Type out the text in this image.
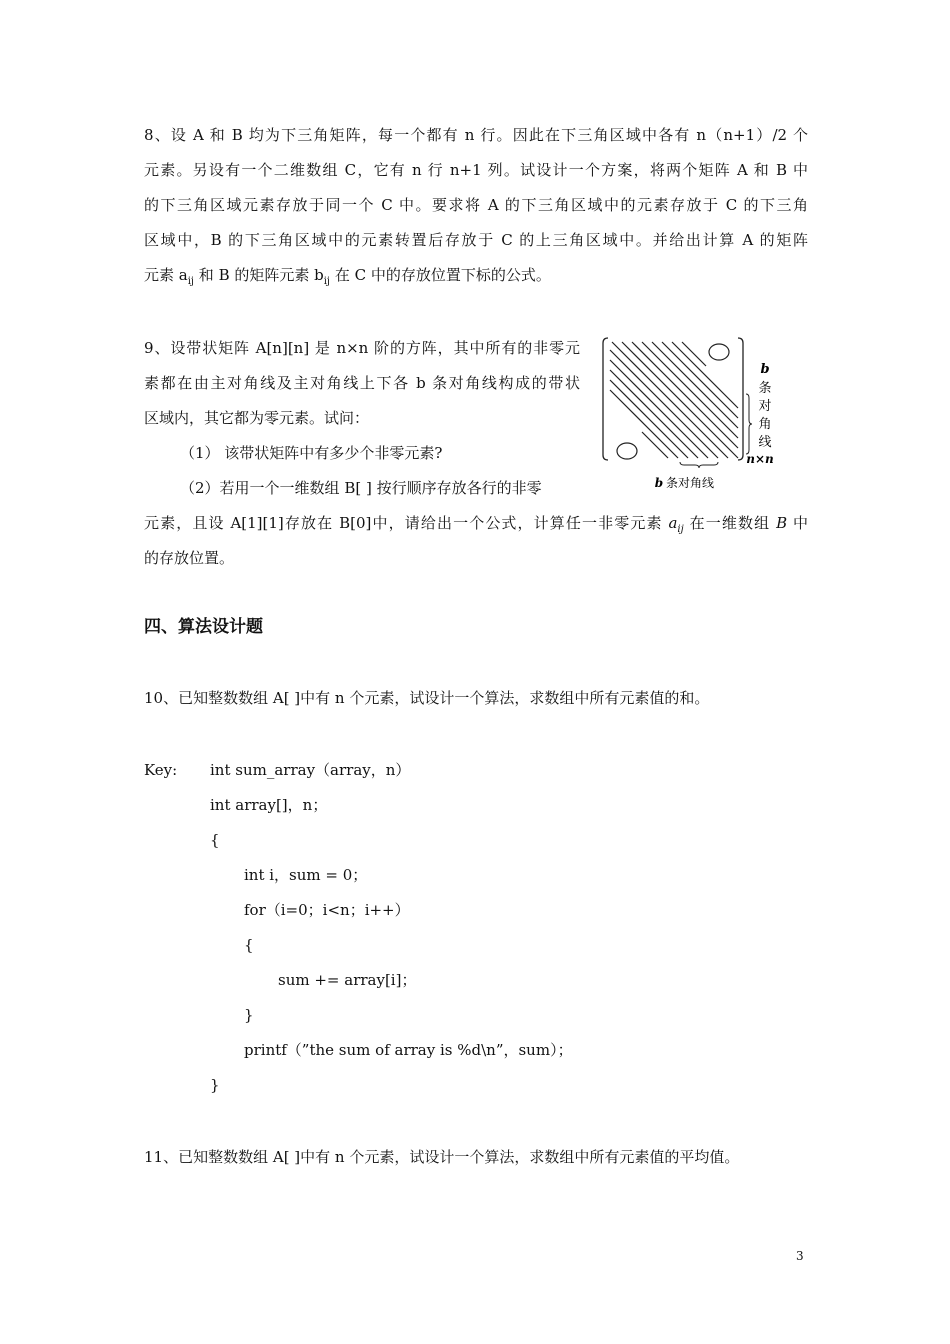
8、设 A 和 B 均为下三角矩阵，每一个都有 n 行。因此在下三角区域中各有 n（n+1）/2 个
元素。另设有一个二维数组 C，它有 n 行 n+1 列。试设计一个方案，将两个矩阵 A 和 B 中
的下三角区域元素存放于同一个 C 中。要求将 A 的下三角区域中的元素存放于 C 的下三角
区域中，B 的下三角区域中的元素转置后存放于 C 的上三角区域中。并给出计算 A 的矩阵
元素 $a_{ij}$ 和 B 的矩阵元素 $b_{ij}$ 在 C 中的存放位置下标的公式。
9、设带状矩阵 A[n][n] 是 n×n 阶的方阵，其中所有的非零元
素都在由主对角线及主对角线上下各 b 条对角线构成的带状
区域内，其它都为零元素。试问：
（1） 该带状矩阵中有多少个非零元素?
（2）若用一个一维数组 B[ ] 按行顺序存放各行的非零
元素，且设 A[1][1]存放在 B[0]中，请给出一个公式，计算任一非零元素 $a_{ij}$ 在一维数组 B 中
的存放位置。
b
条
对
角
线
n×n
b 条对角线
四、算法设计题
10、已知整数数组 A[ ]中有 n 个元素，试设计一个算法，求数组中所有元素值的和。
Key: int sum_array（array，n）
int array[]，n；
{
int i，sum = 0；
for（i=0；i<n；i++）
{
sum += array[i]；
}
printf（”the sum of array is %d\n”，sum）；
}
11、已知整数数组 A[ ]中有 n 个元素，试设计一个算法，求数组中所有元素值的平均值。
3
